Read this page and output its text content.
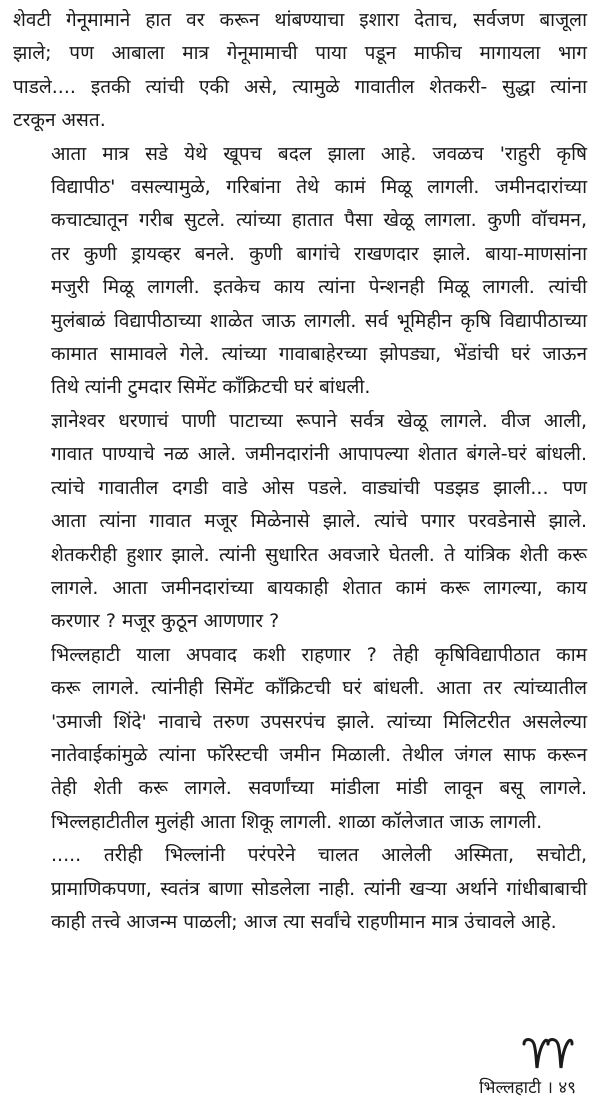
शेवटी गेनूमामाने हात वर करून थांबण्याचा इशारा देताच, सर्वजण बाजूला
झाले; पण आबाला मात्र गेनूमामाची पाया पडून माफीच मागायला भाग
पाडले.... इतकी त्यांची एकी असे, त्यामुळे गावातील शेतकरी- सुद्धा त्यांना
टरकून असत.
आता मात्र सडे येथे खूपच बदल झाला आहे. जवळच 'राहुरी कृषि
विद्यापीठ' वसल्यामुळे, गरिबांना तेथे कामं मिळू लागली. जमीनदारांच्या
कचाट्यातून गरीब सुटले. त्यांच्या हातात पैसा खेळू लागला. कुणी वॉचमन,
तर कुणी ड्रायव्हर बनले. कुणी बागांचे राखणदार झाले. बाया-माणसांना
मजुरी मिळू लागली. इतकेच काय त्यांना पेन्शनही मिळू लागली. त्यांची
मुलंबाळं विद्यापीठाच्या शाळेत जाऊ लागली. सर्व भूमिहीन कृषि विद्यापीठाच्या
कामात सामावले गेले. त्यांच्या गावाबाहेरच्या झोपड्या, भेंडांची घरं जाऊन
तिथे त्यांनी टुमदार सिमेंट कॉंक्रिटची घरं बांधली.
ज्ञानेश्वर धरणाचं पाणी पाटाच्या रूपाने सर्वत्र खेळू लागले. वीज आली,
गावात पाण्याचे नळ आले. जमीनदारांनी आपापल्या शेतात बंगले-घरं बांधली.
त्यांचे गावातील दगडी वाडे ओस पडले. वाड्यांची पडझड झाली... पण
आता त्यांना गावात मजूर मिळेनासे झाले. त्यांचे पगार परवडेनासे झाले.
शेतकरीही हुशार झाले. त्यांनी सुधारित अवजारे घेतली. ते यांत्रिक शेती करू
लागले. आता जमीनदारांच्या बायकाही शेतात कामं करू लागल्या, काय
करणार ? मजूर कुठून आणणार ?
भिल्लहाटी याला अपवाद कशी राहणार ? तेही कृषिविद्यापीठात काम
करू लागले. त्यांनीही सिमेंट कॉंक्रिटची घरं बांधली. आता तर त्यांच्यातील
'उमाजी शिंदे' नावाचे तरुण उपसरपंच झाले. त्यांच्या मिलिटरीत असलेल्या
नातेवाईकांमुळे त्यांना फॉरेस्टची जमीन मिळाली. तेथील जंगल साफ करून
तेही शेती करू लागले. सवर्णांच्या मांडीला मांडी लावून बसू लागले.
भिल्लहाटीतील मुलंही आता शिकू लागली. शाळा कॉलेजात जाऊ लागली.
..... तरीही भिल्लांनी परंपरेने चालत आलेली अस्मिता, सचोटी,
प्रामाणिकपणा, स्वतंत्र बाणा सोडलेला नाही. त्यांनी खऱ्या अर्थाने गांधीबाबाची
काही तत्त्वे आजन्म पाळली; आज त्या सर्वांचे राहणीमान मात्र उंचावले आहे.
भिल्लहाटी । ४९
